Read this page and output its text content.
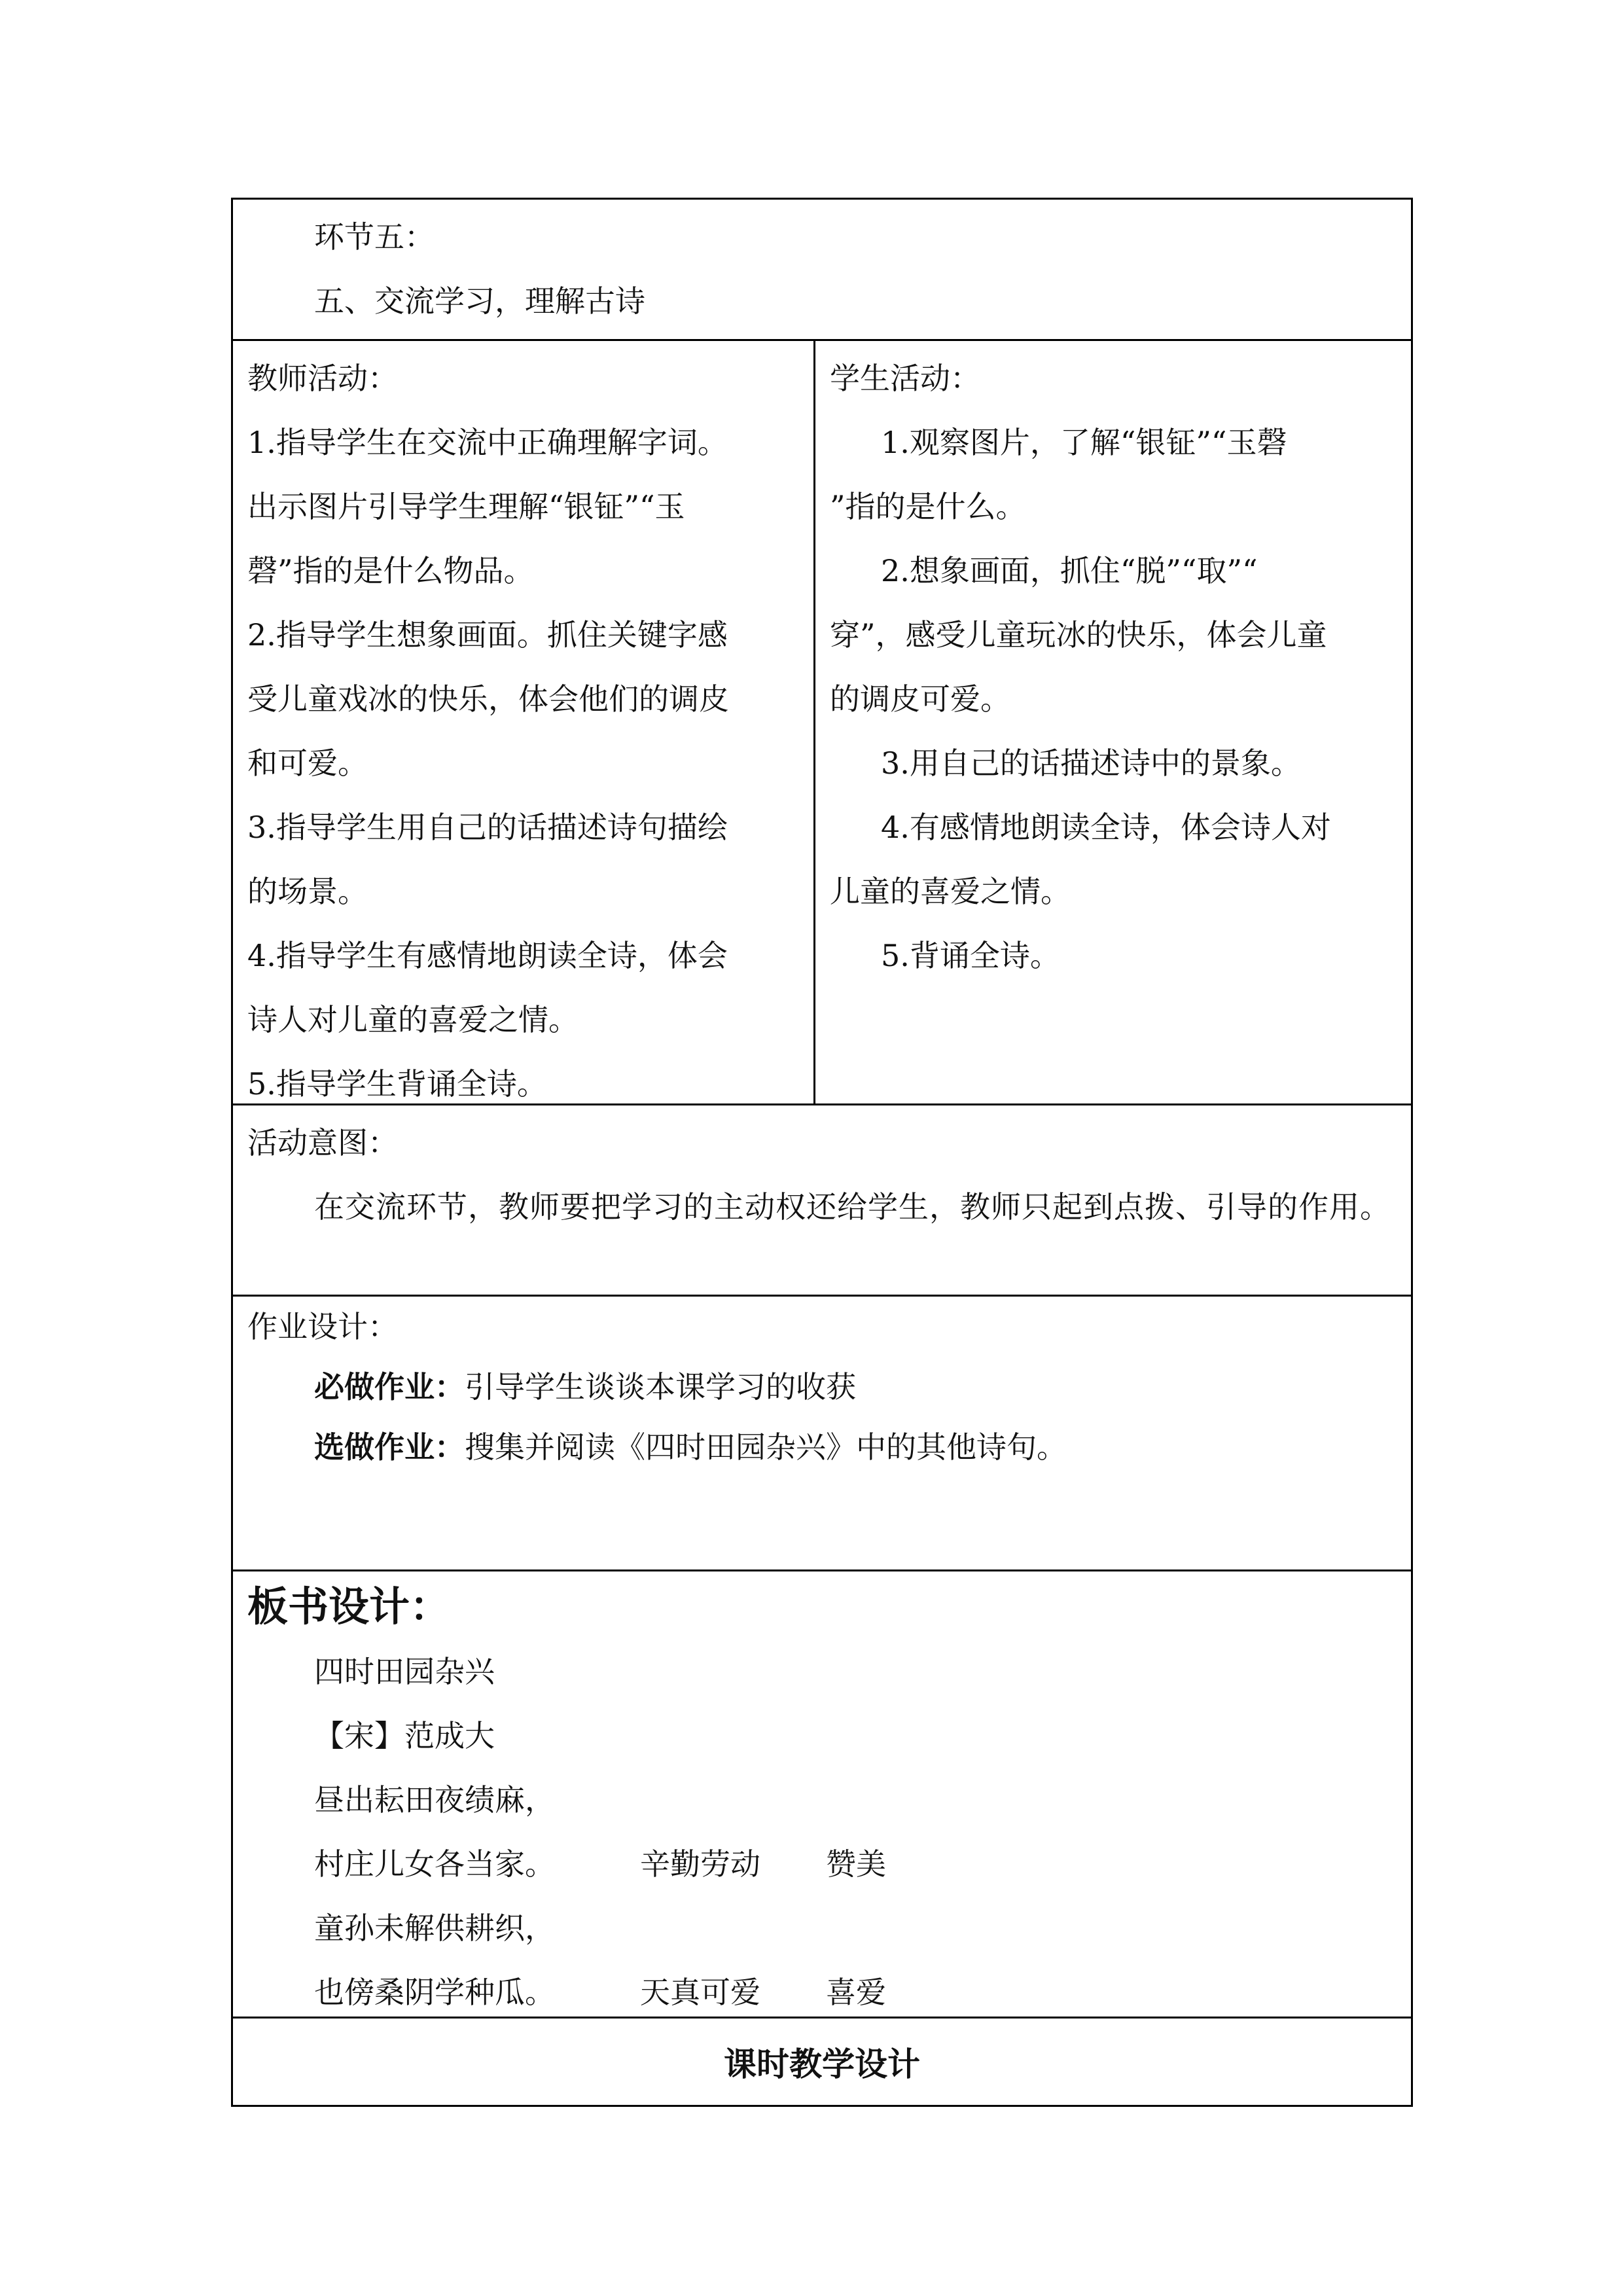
环节五：
五、交流学习，理解古诗
教师活动：
1.指导学生在交流中正确理解字词。
出示图片引导学生理解“银钲”“玉
磬”指的是什么物品。
2.指导学生想象画面。抓住关键字感
受儿童戏冰的快乐，体会他们的调皮
和可爱。
3.指导学生用自己的话描述诗句描绘
的场景。
4.指导学生有感情地朗读全诗，体会
诗人对儿童的喜爱之情。
5.指导学生背诵全诗。
学生活动：
1.观察图片，了解“银钲”“玉磬
”指的是什么。
2.想象画面，抓住“脱”“取”“
穿”，感受儿童玩冰的快乐，体会儿童
的调皮可爱。
3.用自己的话描述诗中的景象。
4.有感情地朗读全诗，体会诗人对
儿童的喜爱之情。
5.背诵全诗。
活动意图：
在交流环节，教师要把学习的主动权还给学生，教师只起到点拨、引导的作用。
作业设计：
必做作业：引导学生谈谈本课学习的收获
选做作业：搜集并阅读《四时田园杂兴》中的其他诗句。
板书设计：
四时田园杂兴
【宋】范成大
昼出耘田夜绩麻，
村庄儿女各当家。	辛勤劳动 赞美
童孙未解供耕织，
也傍桑阴学种瓜。	天真可爱 喜爱
课时教学设计
